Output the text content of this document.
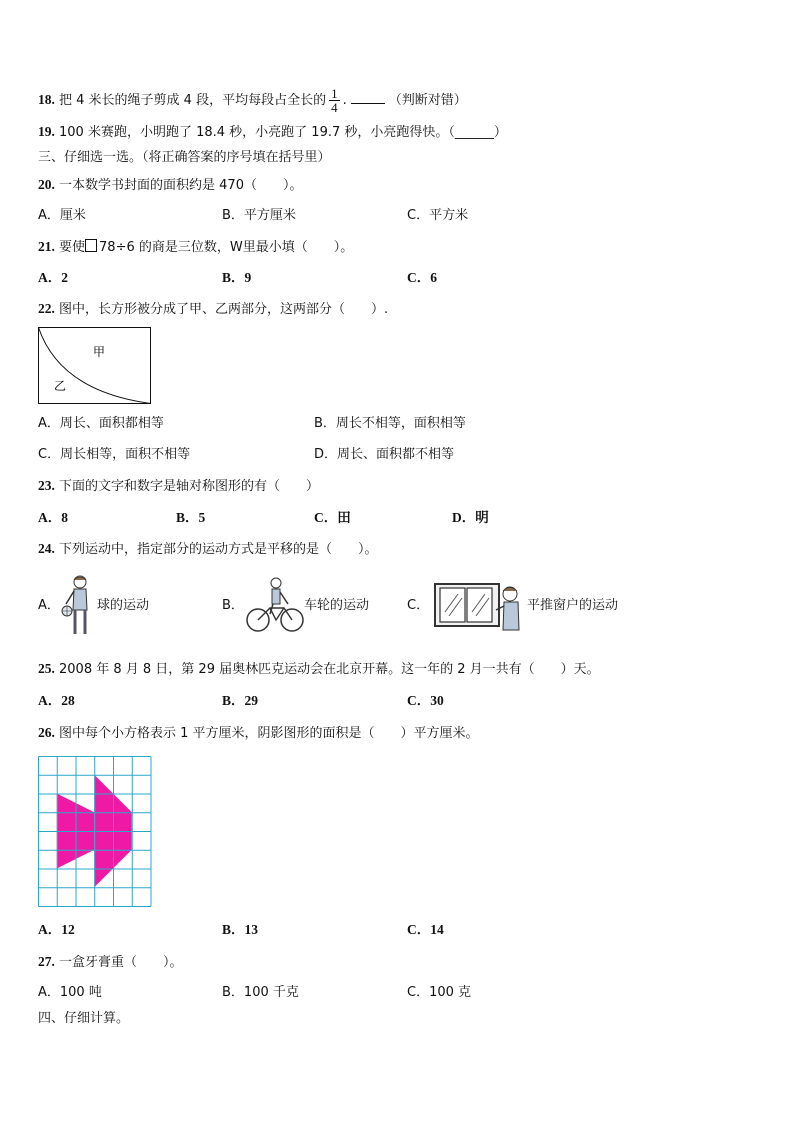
18. 把 4 米长的绳子剪成 4 段，平均每段占全长的 $\frac{1}{4}$ .	（判断对错）
19. 100 米赛跑，小明跑了 18.4 秒，小亮跑了 19.7 秒，小亮跑得快。（______）
三、仔细选一选。（将正确答案的序号填在括号里）
20. 一本数学书封面的面积约是 470（　　）。
A．厘米	B．平方厘米	C．平方米
21. 要使 78÷6 的商是三位数，W里最小填（　　）。
A．2	B．9	C．6
22. 图中，长方形被分成了甲、乙两部分，这两部分（　　）.
甲
乙
A．周长、面积都相等	B．周长不相等，面积相等
C．周长相等，面积不相等	D．周长、面积都不相等
23. 下面的文字和数字是轴对称图形的有（　　）
A．8	B．5	C．田	D．明
24. 下列运动中，指定部分的运动方式是平移的是（　　）。
A．	球的运动	B．	车轮的运动	C．	平推窗户的运动
25. 2008 年 8 月 8 日，第 29 届奥林匹克运动会在北京开幕。这一年的 2 月一共有（　　）天。
A．28	B．29	C．30
26. 图中每个小方格表示 1 平方厘米，阴影图形的面积是（　　）平方厘米。
A．12	B．13	C．14
27. 一盒牙膏重（　　）。
A．100 吨	B．100 千克	C．100 克
四、仔细计算。
